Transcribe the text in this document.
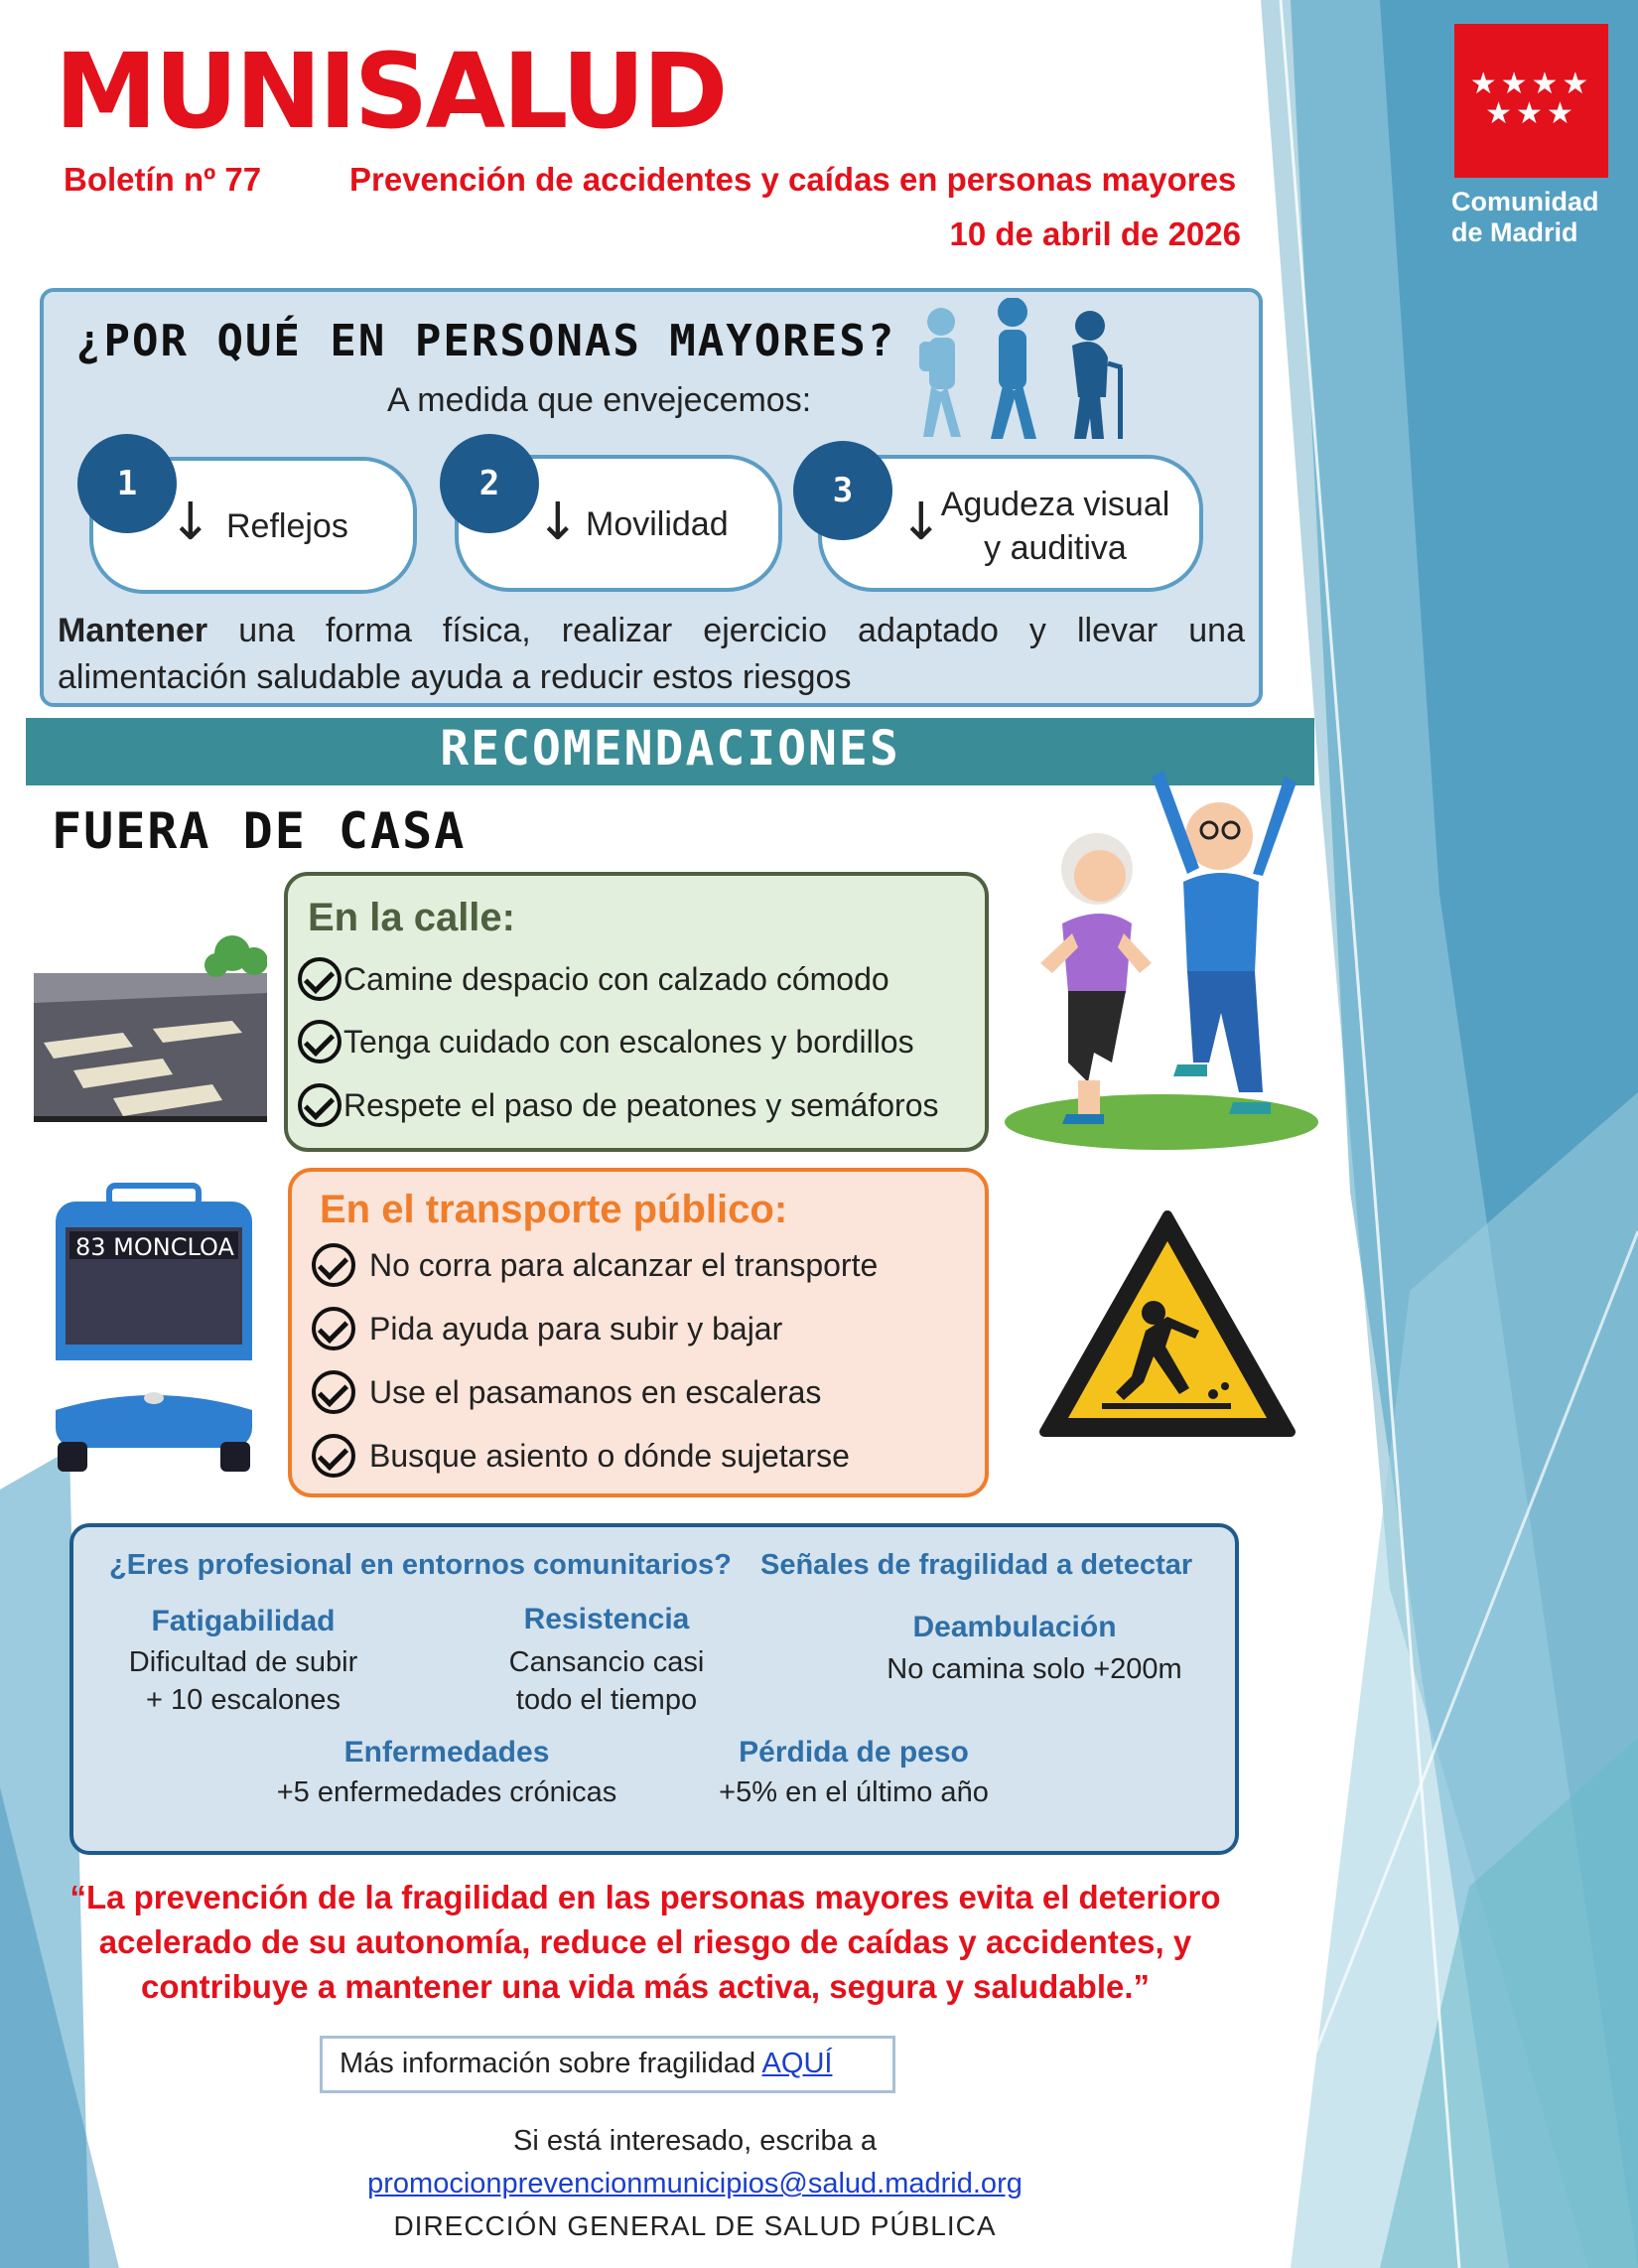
MUNISALUD
Boletín nº 77	Prevención de accidentes y caídas en personas mayores
10 de abril de 2026
★★★★
★★★
Comunidad
de Madrid
¿POR QUÉ EN PERSONAS MAYORES?
A medida que envejecemos:
1
↓ Reflejos
2
↓ Movilidad
3
↓
Agudeza visual
y auditiva
Mantener una forma física, realizar ejercicio adaptado y llevar una alimentación saludable ayuda a reducir estos riesgos
RECOMENDACIONES
FUERA DE CASA
En la calle:
Camine despacio con calzado cómodo
Tenga cuidado con escalones y bordillos
Respete el paso de peatones y semáforos
83 MONCLOA
En el transporte público:
No corra para alcanzar el transporte
Pida ayuda para subir y bajar
Use el pasamanos en escaleras
Busque asiento o dónde sujetarse
¿Eres profesional en entornos comunitarios? Señales de fragilidad a detectar
Fatigabilidad
Dificultad de subir
+ 10 escalones
Resistencia
Cansancio casi
todo el tiempo
Deambulación
No camina solo +200m
Enfermedades
+5 enfermedades crónicas
Pérdida de peso
+5% en el último año
“La prevención de la fragilidad en las personas mayores evita el deterioro
acelerado de su autonomía, reduce el riesgo de caídas y accidentes, y
contribuye a mantener una vida más activa, segura y saludable.”
Más información sobre fragilidad AQUÍ
Si está interesado, escriba a
promocionprevencionmunicipios@salud.madrid.org
DIRECCIÓN GENERAL DE SALUD PÚBLICA
